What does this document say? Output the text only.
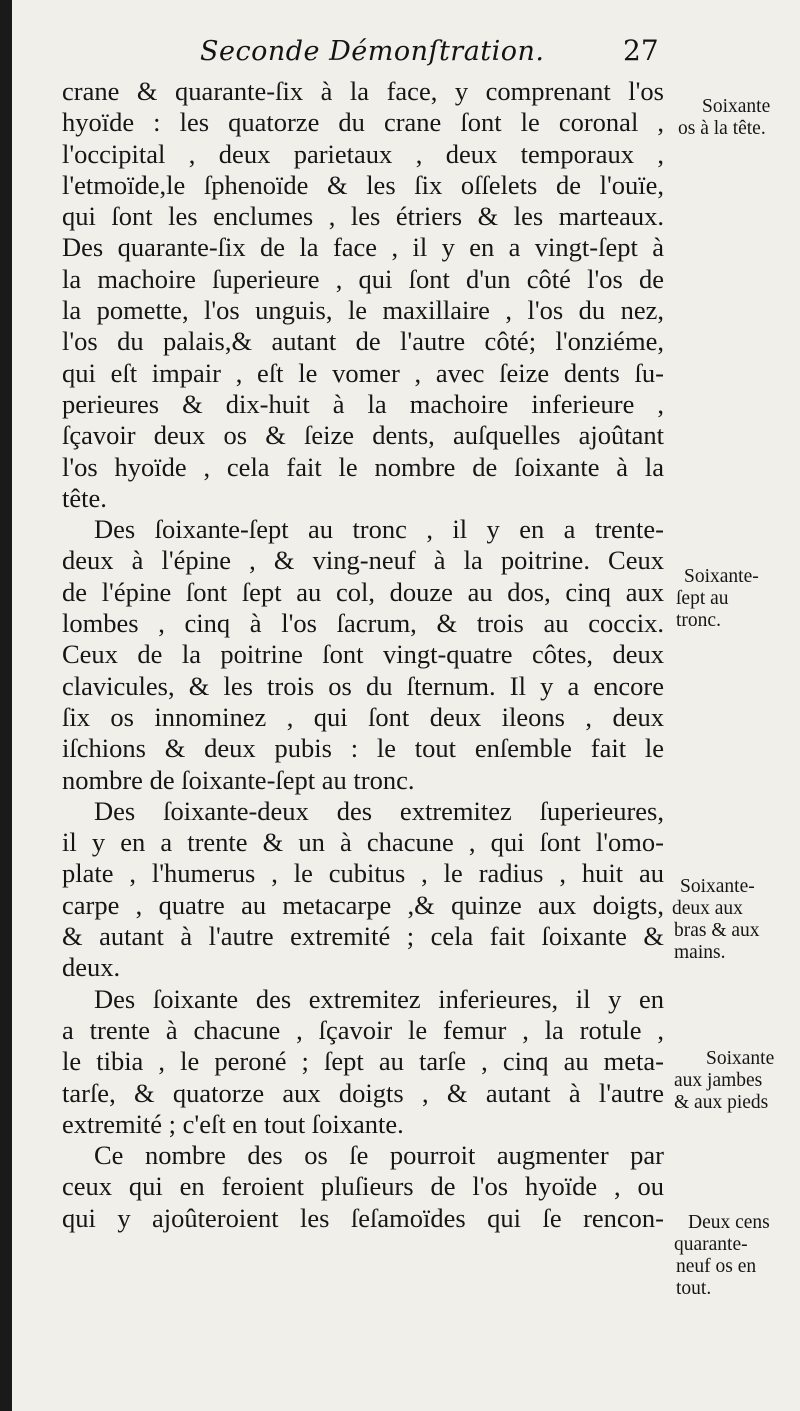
Seconde Démonſtration.	27
crane & quarante-ſix à la face, y comprenant l'os
hyoïde : les quatorze du crane ſont le coronal ,
l'occipital , deux parietaux , deux temporaux ,
l'etmoïde,le ſphenoïde & les ſix oſſelets de l'ouïe,
qui ſont les enclumes , les étriers & les marteaux.
Des quarante-ſix de la face , il y en a vingt-ſept à
la machoire ſuperieure , qui ſont d'un côté l'os de
la pomette, l'os unguis, le maxillaire , l'os du nez,
l'os du palais,& autant de l'autre côté; l'onziéme,
qui eſt impair , eſt le vomer , avec ſeize dents ſu-
perieures & dix-huit à la machoire inferieure ,
ſçavoir deux os & ſeize dents, auſquelles ajoûtant
l'os hyoïde , cela fait le nombre de ſoixante à la
tête.
Des ſoixante-ſept au tronc , il y en a trente-
deux à l'épine , & ving-neuf à la poitrine. Ceux
de l'épine ſont ſept au col, douze au dos, cinq aux
lombes , cinq à l'os ſacrum, & trois au coccix.
Ceux de la poitrine ſont vingt-quatre côtes, deux
clavicules, & les trois os du ſternum. Il y a encore
ſix os innominez , qui ſont deux ileons , deux
iſchions & deux pubis : le tout enſemble fait le
nombre de ſoixante-ſept au tronc.
Des ſoixante-deux des extremitez ſuperieures,
il y en a trente & un à chacune , qui ſont l'omo-
plate , l'humerus , le cubitus , le radius , huit au
carpe , quatre au metacarpe ,& quinze aux doigts,
& autant à l'autre extremité ; cela fait ſoixante &
deux.
Des ſoixante des extremitez inferieures, il y en
a trente à chacune , ſçavoir le femur , la rotule ,
le tibia , le peroné ; ſept au tarſe , cinq au meta-
tarſe, & quatorze aux doigts , & autant à l'autre
extremité ; c'eſt en tout ſoixante.
Ce nombre des os ſe pourroit augmenter par
ceux qui en feroient pluſieurs de l'os hyoïde , ou
qui y ajoûteroient les ſeſamoïdes qui ſe rencon-
Soixante
os à la tête.
Soixante-
ſept au
tronc.
Soixante-
deux aux
bras & aux
mains.
Soixante
aux jambes
& aux pieds
Deux cens
quarante-
neuf os en
tout.
